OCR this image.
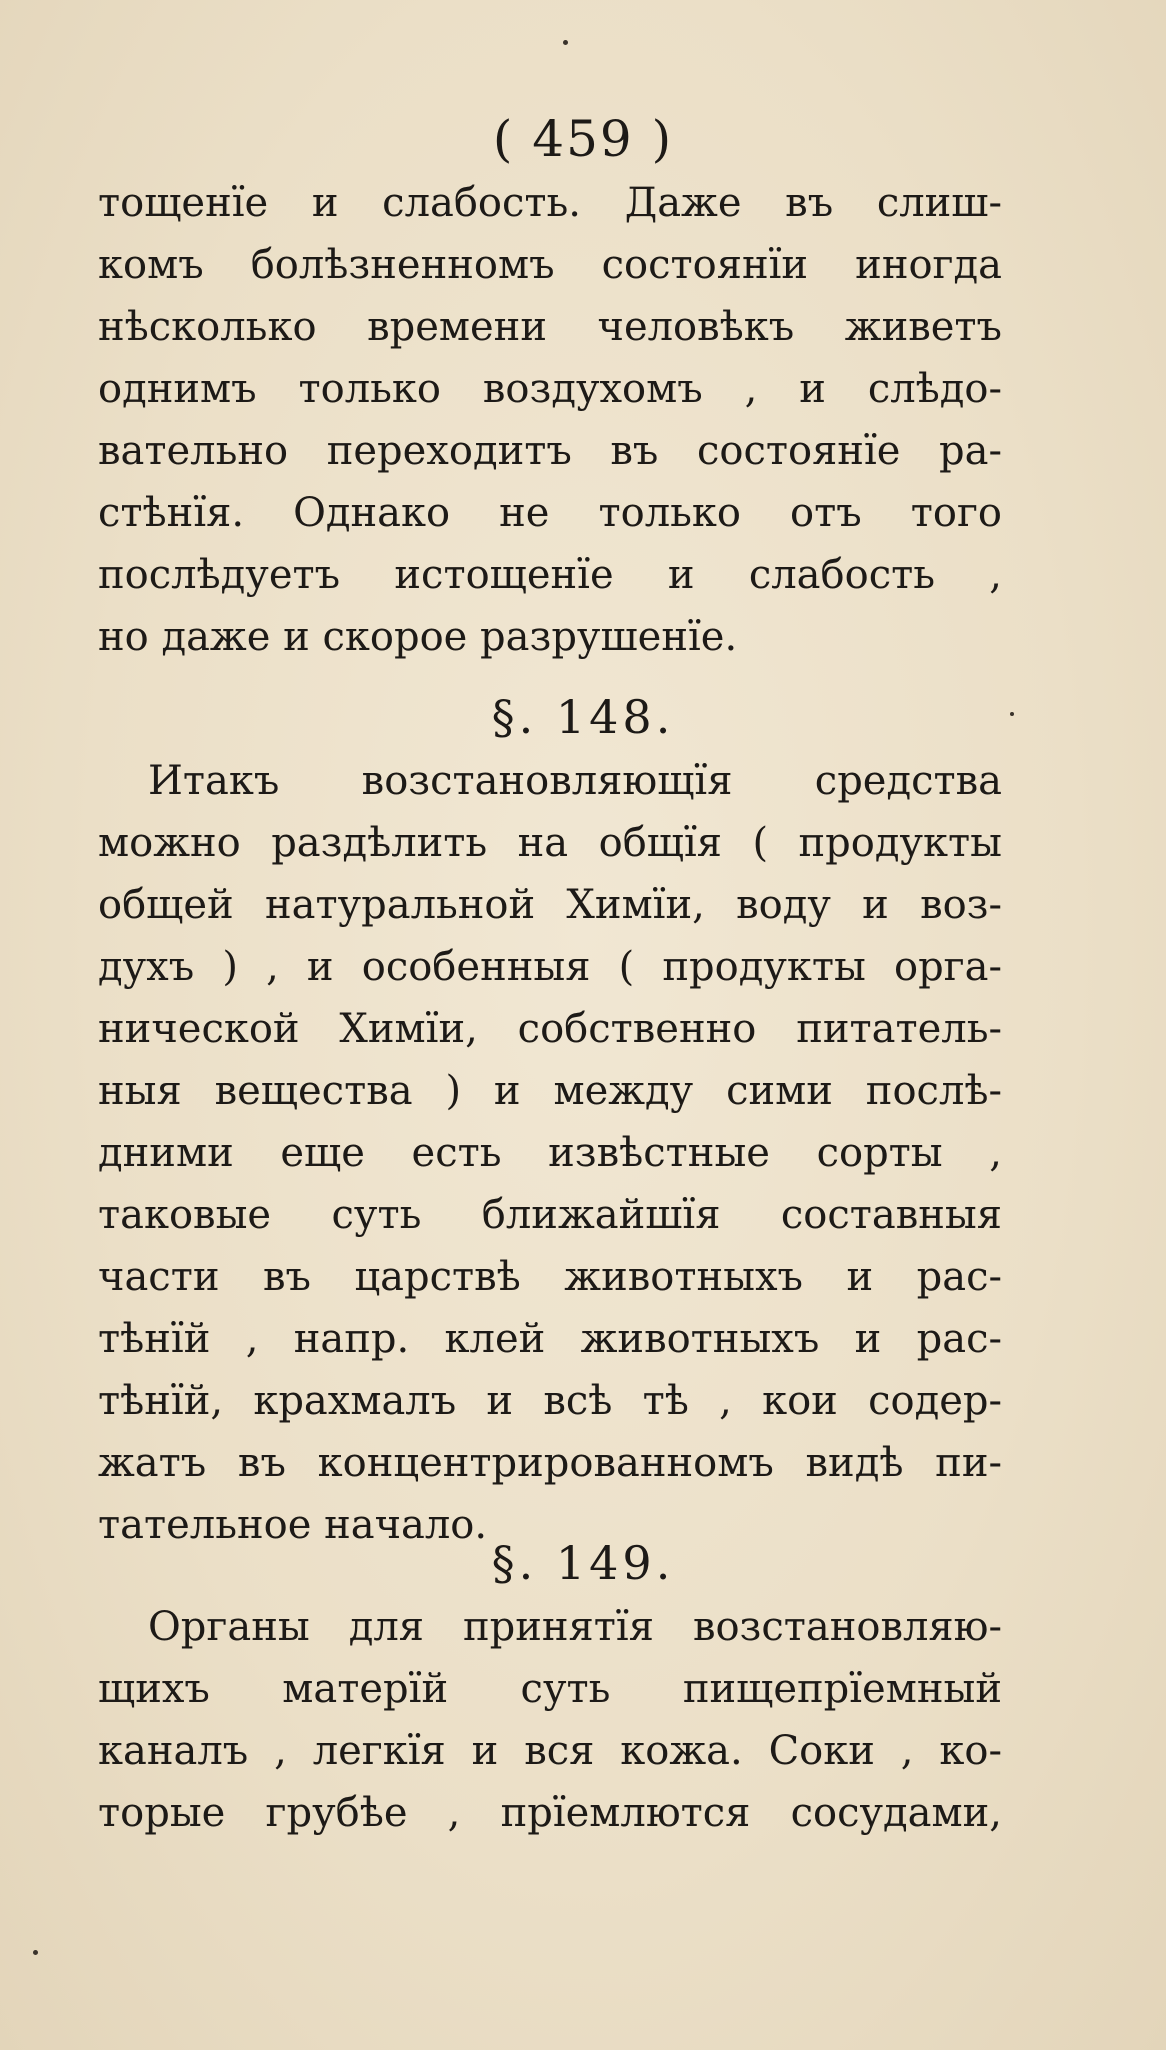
( 459 )
тощенїе и слабость. Даже въ слиш-
комъ болѣзненномъ состоянїи иногда
нѣсколько времени человѣкъ живетъ
однимъ только воздухомъ , и слѣдо-
вательно переходитъ въ состоянїе ра-
стѣнїя. Однако не только отъ того
послѣдуетъ истощенїе и слабость ,
но даже и скорое разрушенїе.
§. 148.
Итакъ возстановляющїя средства
можно раздѣлить на общїя ( продукты
общей натуральной Химїи, воду и воз-
духъ ) , и особенныя ( продукты орга-
нической Химїи, собственно питатель-
ныя вещества ) и между сими послѣ-
дними еще есть извѣстные сорты ,
таковые суть ближайшїя составныя
части въ царствѣ животныхъ и рас-
тѣнїй , напр. клей животныхъ и рас-
тѣнїй, крахмалъ и всѣ тѣ , кои содер-
жатъ въ концентрированномъ видѣ пи-
тательное начало.
§. 149.
Органы для принятїя возстановляю-
щихъ матерїй суть пищепрїемный
каналъ , легкїя и вся кожа. Соки , ко-
торые грубѣе , прїемлются сосудами,
